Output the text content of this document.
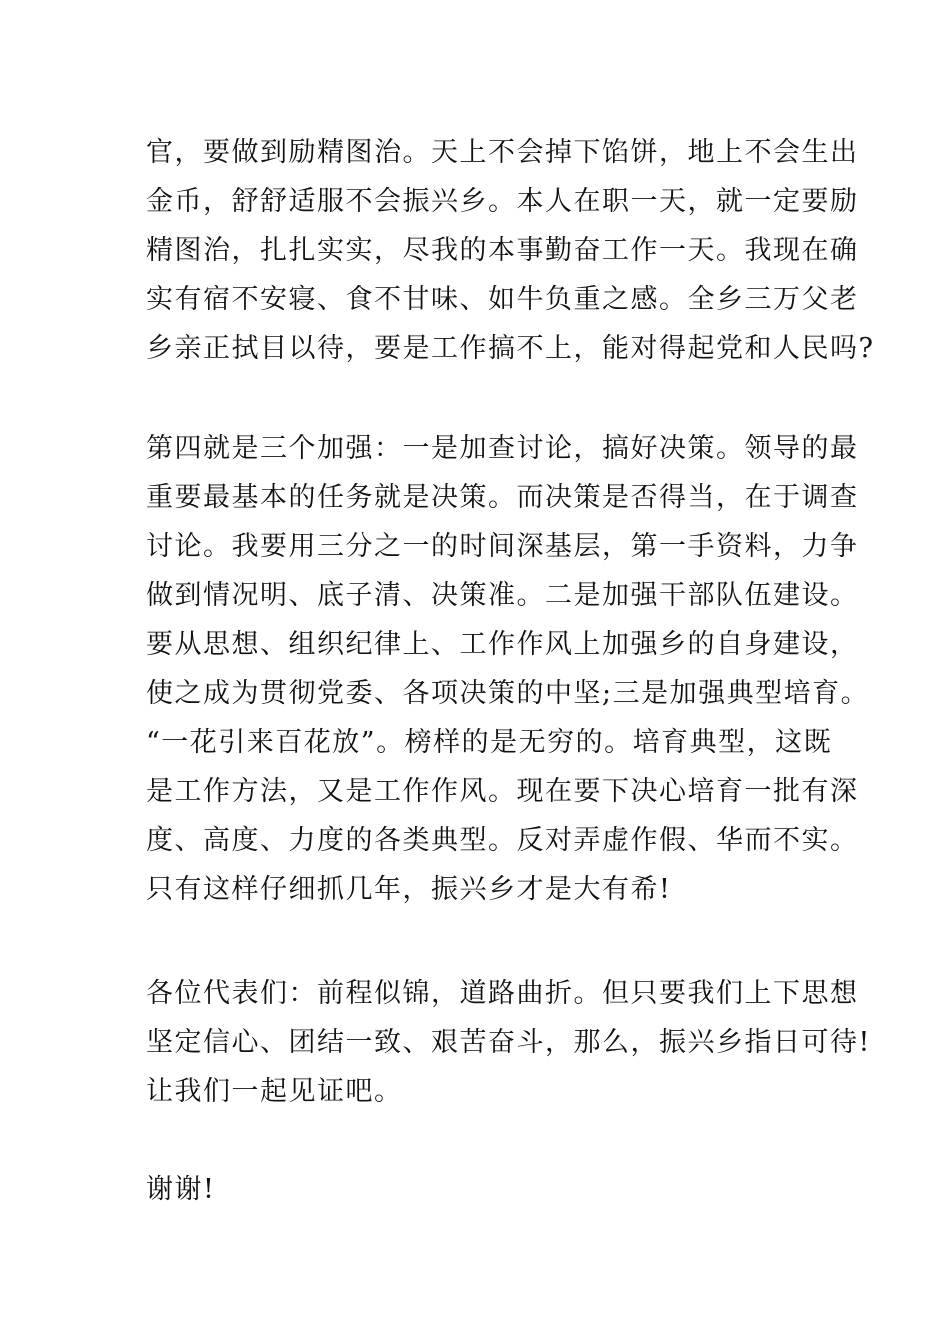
官，要做到励精图治。天上不会掉下馅饼，地上不会生出
金币，舒舒适服不会振兴乡。本人在职一天，就一定要励
精图治，扎扎实实，尽我的本事勤奋工作一天。我现在确
实有宿不安寝、食不甘味、如牛负重之感。全乡三万父老
乡亲正拭目以待，要是工作搞不上，能对得起党和人民吗?
第四就是三个加强：一是加查讨论，搞好决策。领导的最
重要最基本的任务就是决策。而决策是否得当，在于调查
讨论。我要用三分之一的时间深基层，第一手资料，力争
做到情况明、底子清、决策准。二是加强干部队伍建设。
要从思想、组织纪律上、工作作风上加强乡的自身建设，
使之成为贯彻党委、各项决策的中坚;三是加强典型培育。
“一花引来百花放”。榜样的是无穷的。培育典型，这既
是工作方法，又是工作作风。现在要下决心培育一批有深
度、高度、力度的各类典型。反对弄虚作假、华而不实。
只有这样仔细抓几年，振兴乡才是大有希!
各位代表们：前程似锦，道路曲折。但只要我们上下思想
坚定信心、团结一致、艰苦奋斗，那么，振兴乡指日可待!
让我们一起见证吧。
谢谢!
